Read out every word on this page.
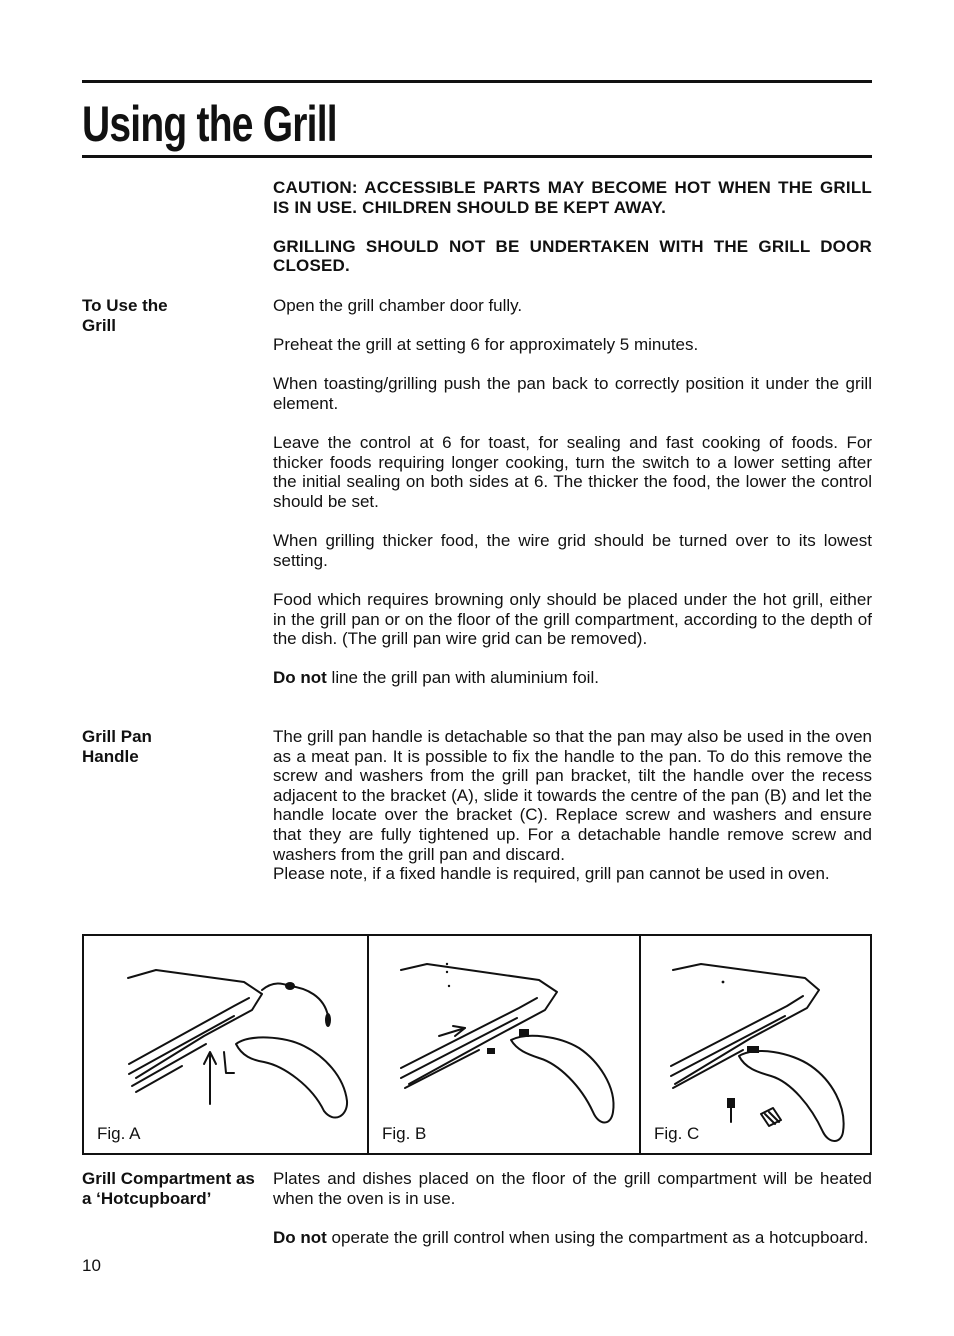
Using the Grill

CAUTION: ACCESSIBLE PARTS MAY BECOME HOT WHEN THE GRILL IS IN USE. CHILDREN SHOULD BE KEPT AWAY.

GRILLING SHOULD NOT BE UNDERTAKEN WITH THE GRILL DOOR CLOSED.

To Use the Grill

Open the grill chamber door fully.

Preheat the grill at setting 6 for approximately 5 minutes.

When toasting/grilling push the pan back to correctly position it under the grill element.

Leave the control at 6 for toast, for sealing and fast cooking of foods. For thicker foods requiring longer cooking, turn the switch to a lower setting after the initial sealing on both sides at 6. The thicker the food, the lower the control should be set.

When grilling thicker food, the wire grid should be turned over to its lowest setting.

Food which requires browning only should be placed under the hot grill, either in the grill pan or on the floor of the grill compartment, according to the depth of the dish. (The grill pan wire grid can be removed).

Do not line the grill pan with aluminium foil.

Grill Pan Handle

The grill pan handle is detachable so that the pan may also be used in the oven as a meat pan. It is possible to fix the handle to the pan. To do this remove the screw and washers from the grill pan bracket, tilt the handle over the recess adjacent to the bracket (A), slide it towards the centre of the pan (B) and let the handle locate over the bracket (C). Replace screw and washers and ensure that they are fully tightened up. For a detachable handle remove screw and washers from the grill pan and discard.

Please note, if a fixed handle is required, grill pan cannot be used in oven.

Fig. A	Fig. B	Fig. C
Grill Compartment as a ‘Hotcupboard’

Plates and dishes placed on the floor of the grill compartment will be heated when the oven is in use.

Do not operate the grill control when using the compartment as a hotcupboard.

10
